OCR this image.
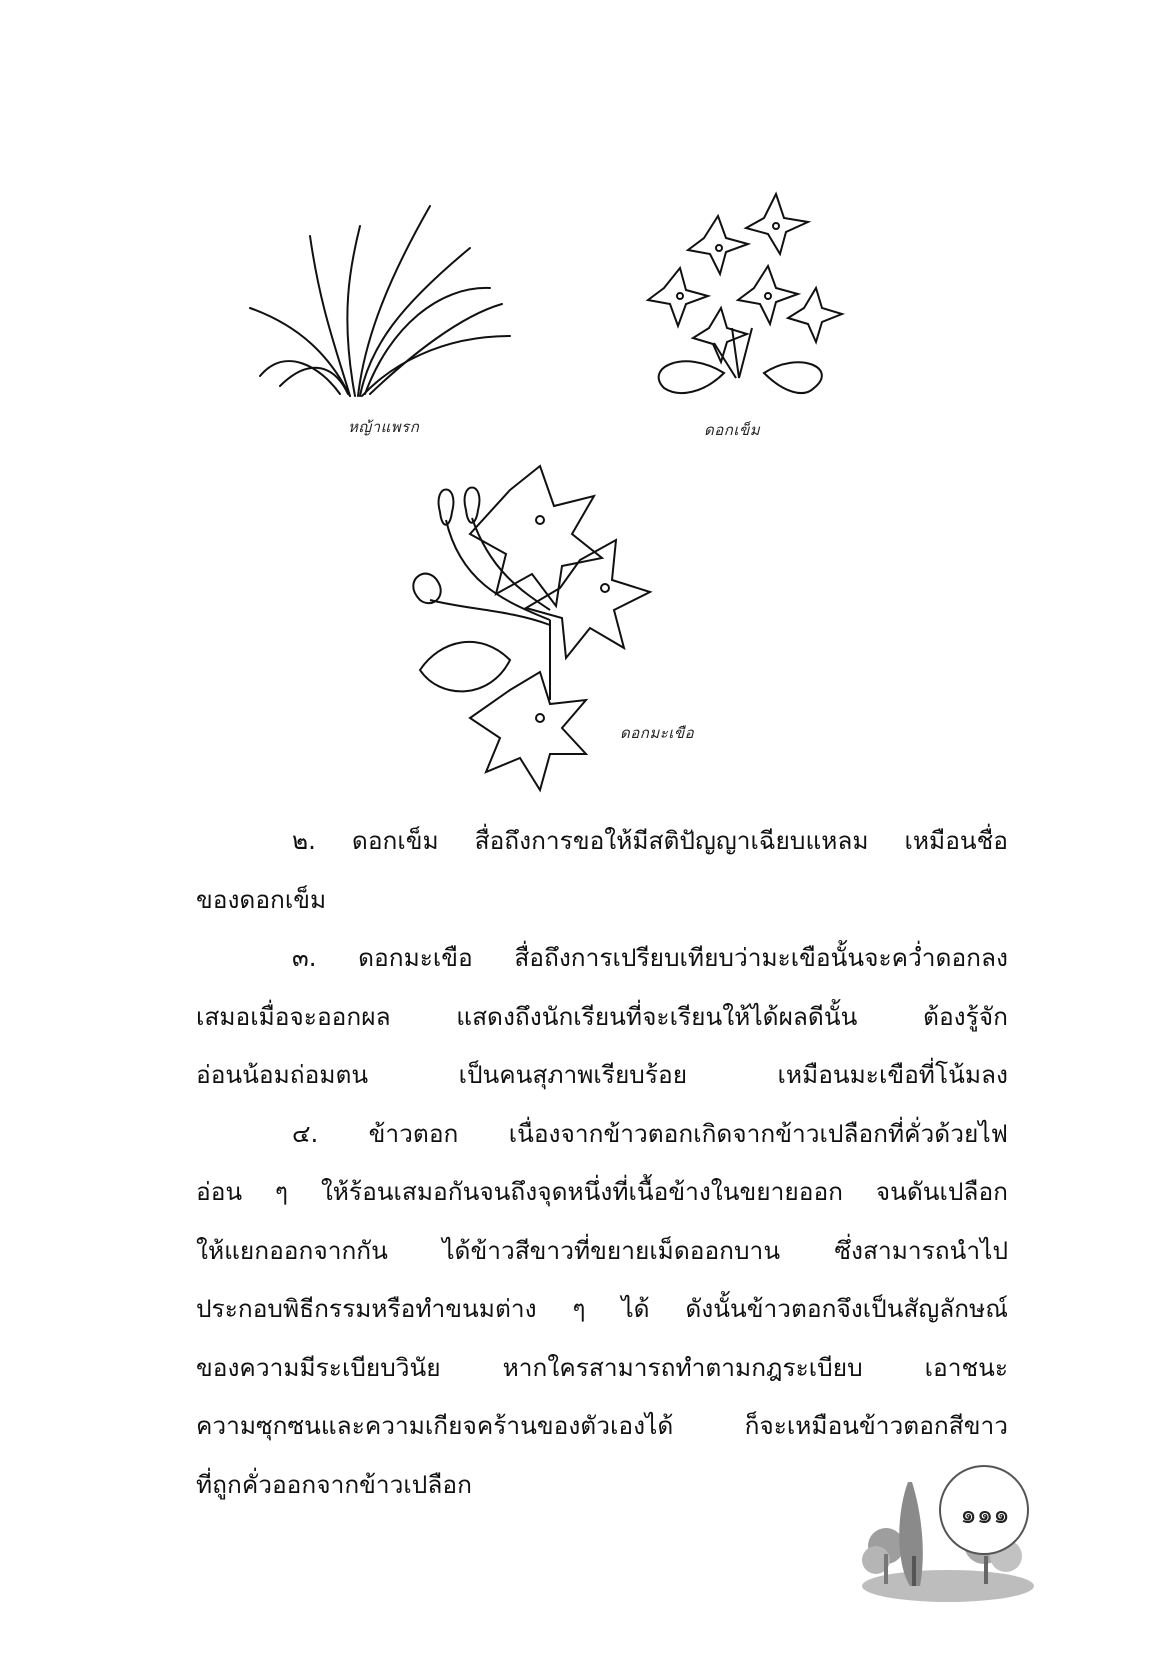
หญ้าแพรก	ดอกเข็ม
ดอกมะเขือ
๒. ดอกเข็ม สื่อถึงการขอให้มีสติปัญญาเฉียบแหลม เหมือนชื่อ
ของดอกเข็ม
๓. ดอกมะเขือ สื่อถึงการเปรียบเทียบว่ามะเขือนั้นจะคว่ำดอกลง
เสมอเมื่อจะออกผล แสดงถึงนักเรียนที่จะเรียนให้ได้ผลดีนั้น ต้องรู้จัก
อ่อนน้อมถ่อมตน เป็นคนสุภาพเรียบร้อย เหมือนมะเขือที่โน้มลง
๔. ข้าวตอก เนื่องจากข้าวตอกเกิดจากข้าวเปลือกที่คั่วด้วยไฟ
อ่อน ๆ ให้ร้อนเสมอกันจนถึงจุดหนึ่งที่เนื้อข้างในขยายออก จนดันเปลือก
ให้แยกออกจากกัน ได้ข้าวสีขาวที่ขยายเม็ดออกบาน ซึ่งสามารถนำไป
ประกอบพิธีกรรมหรือทำขนมต่าง ๆ ได้ ดังนั้นข้าวตอกจึงเป็นสัญลักษณ์
ของความมีระเบียบวินัย หากใครสามารถทำตามกฎระเบียบ เอาชนะ
ความซุกซนและความเกียจคร้านของตัวเองได้ ก็จะเหมือนข้าวตอกสีขาว
ที่ถูกคั่วออกจากข้าวเปลือก
๑๑๑
